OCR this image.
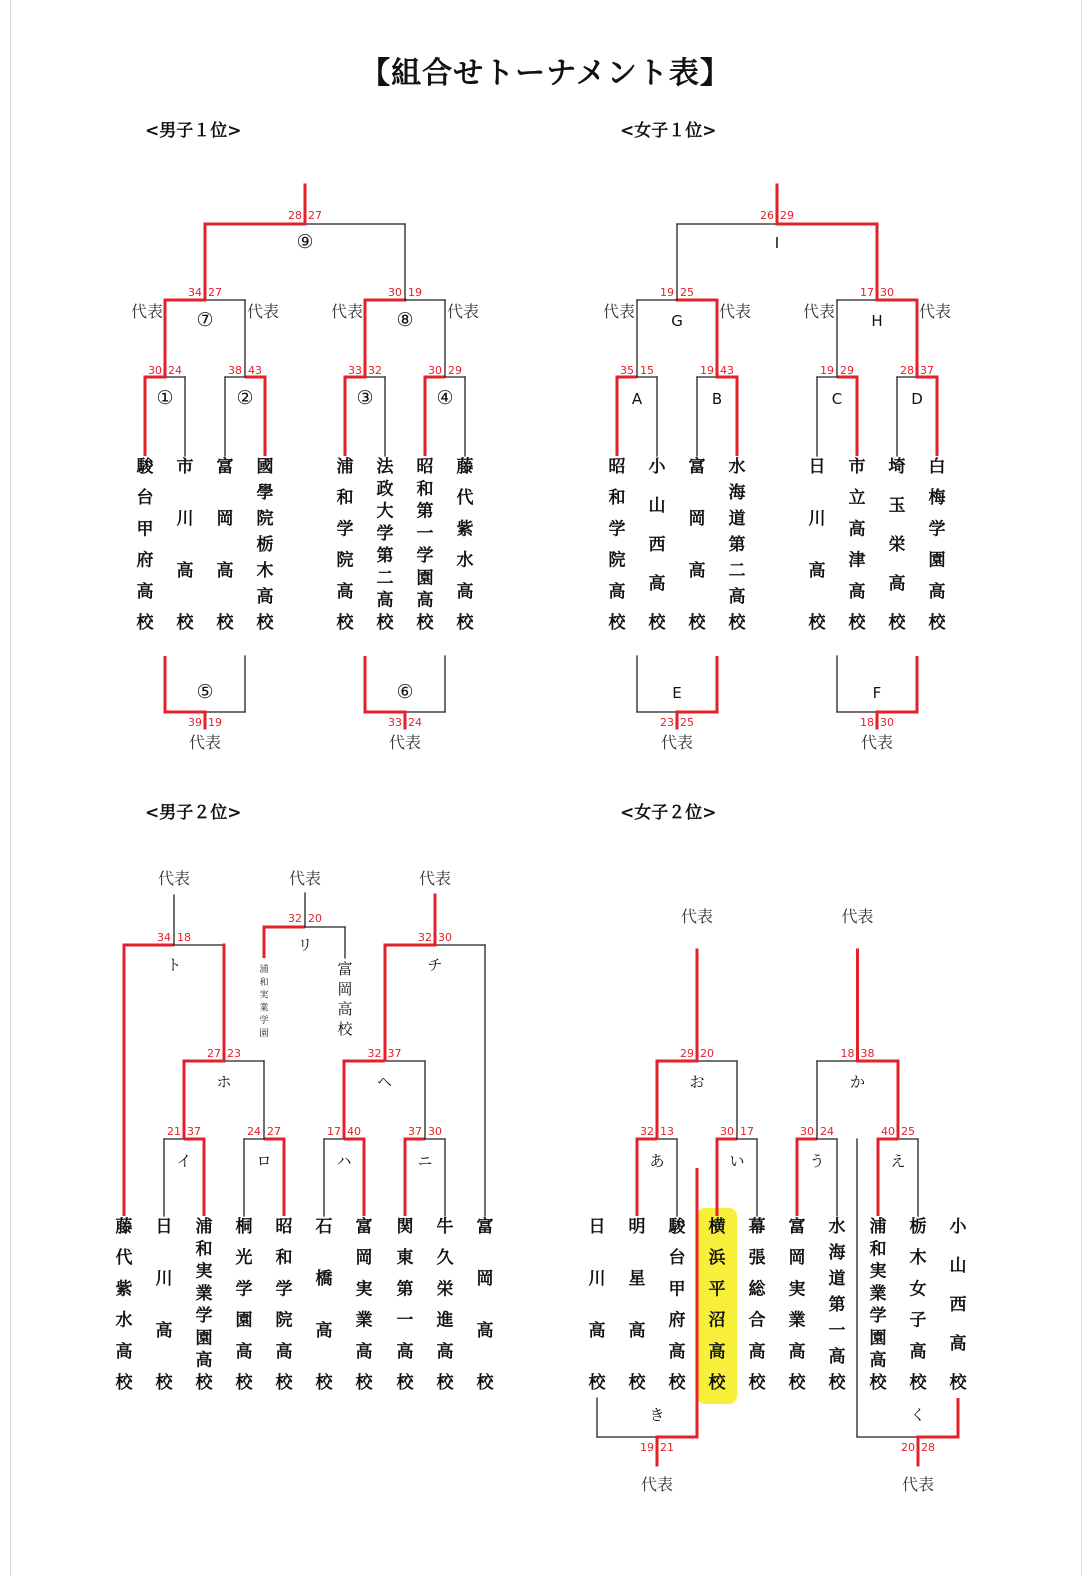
【組合せトーナメント表】
<男子１位>	<女子１位>
<男子２位>	<女子２位>
30 24
①
38 43
②
33 32
③
30 29
④
34 27
⑦
代表	代表
30 19
⑧
代表	代表
28 27
⑨
駿
台
甲
府
高
校
市
川
高
校
富
岡
高
校
國
學
院
栃
木
高
校
浦
和
学
院
高
校
法
政
大
学
第
二
高
校
昭
和
第
一
学
園
高
校
藤
代
紫
水
高
校
39 19
⑤
代表
33 24
⑥
代表
35 15
A
19 43
B
19 29
C
28 37
D
19 25
G
代表	代表
17 30
H
代表	代表
26 29
I
昭
和
学
院
高
校
小
山
西
高
校
富
岡
高
校
水
海
道
第
二
高
校
日
川
高
校
市
立
高
津
高
校
埼
玉
栄
高
校
白
梅
学
園
高
校
23 25
E
代表
18 30
F
代表
藤
代
紫
水
高
校
日
川
高
校
浦
和
実
業
学
園
高
校
桐
光
学
園
高
校
昭
和
学
院
高
校
石
橋
高
校
富
岡
実
業
高
校
関
東
第
一
高
校
牛
久
栄
進
高
校
富
岡
高
校
21 37
イ
24 27
ロ
17 40
ハ
37 30
ニ
27 23
ホ
32 37
ヘ
34 18
ト
代表
32 30
チ
代表
32 20
リ
代表
浦
和
実
業
学
園
富
岡
高
校
日
川
高
校
明
星
高
校
駿
台
甲
府
高
校
横
浜
平
沼
高
校
幕
張
総
合
高
校
富
岡
実
業
高
校
水
海
道
第
一
高
校
浦
和
実
業
学
園
高
校
栃
木
女
子
高
校
小
山
西
高
校
32 13
あ
30 17
い
30 24
う
40 25
え
29 20
お
代表
18 38
か
代表
19 21
き
代表
20 28
く
代表
